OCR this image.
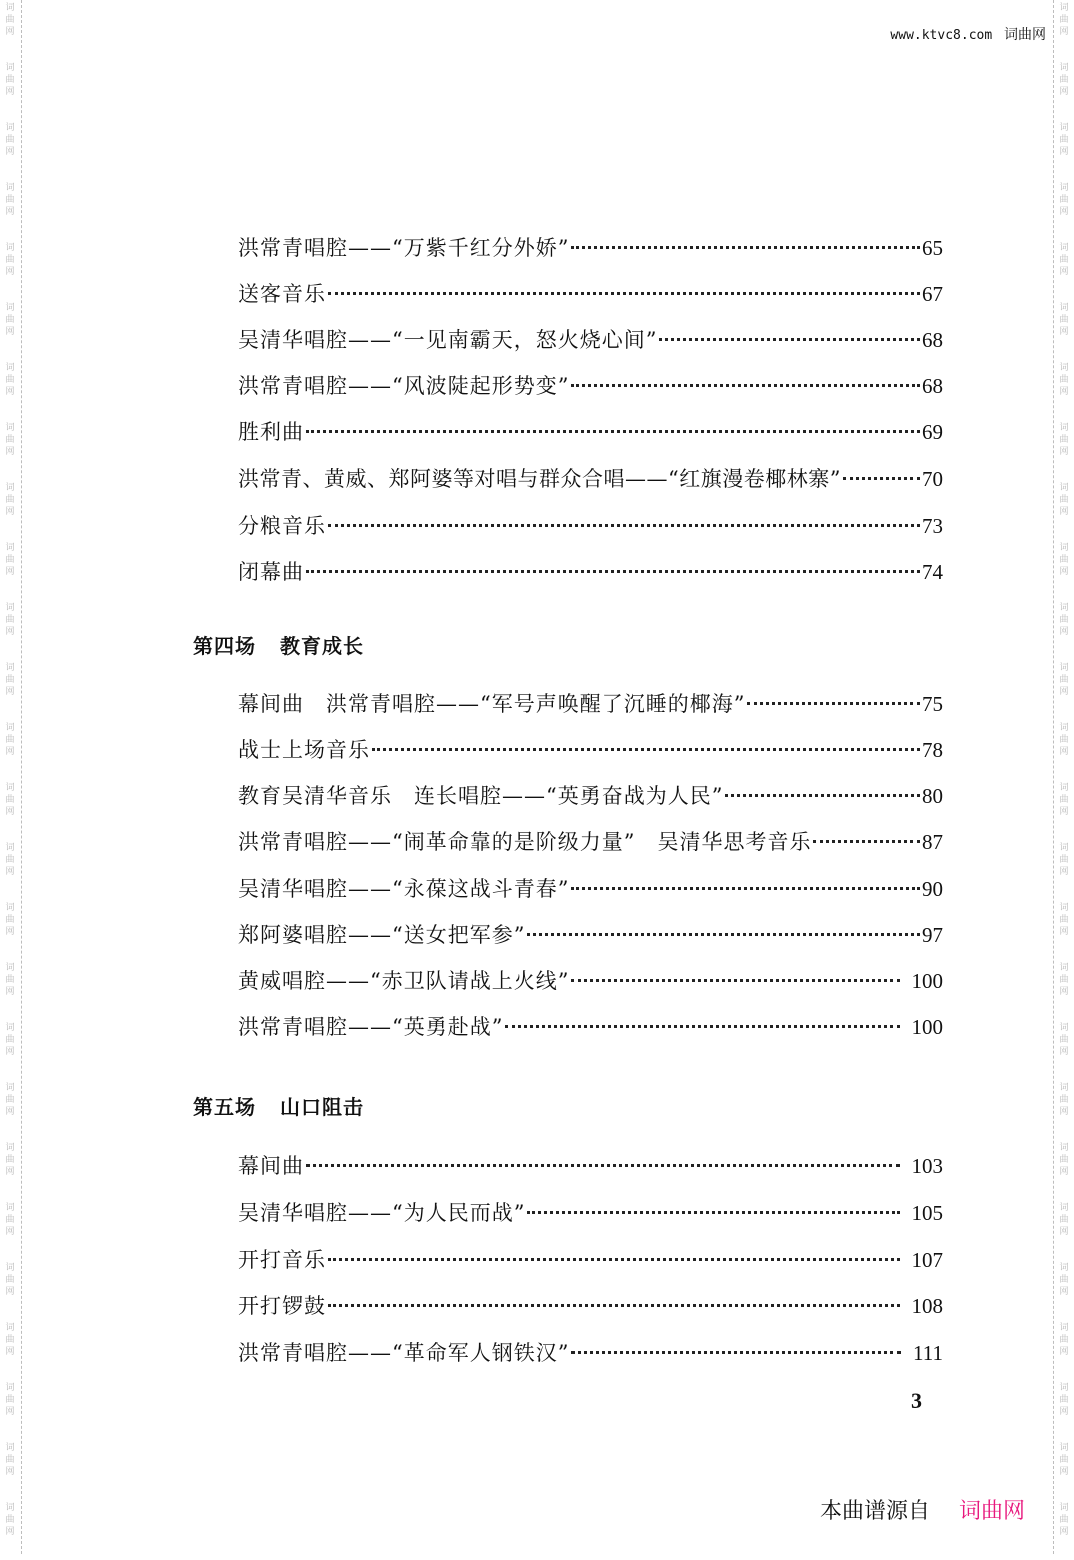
词
曲
网
词
曲
网
词
曲
网
词
曲
网
词
曲
网
词
曲
网
词
曲
网
词
曲
网
词
曲
网
词
曲
网
词
曲
网
词
曲
网
词
曲
网
词
曲
网
词
曲
网
词
曲
网
词
曲
网
词
曲
网
词
曲
网
词
曲
网
词
曲
网
词
曲
网
词
曲
网
词
曲
网
词
曲
网
词
曲
网
词
曲
网
词
曲
网
词
曲
网
词
曲
网
词
曲
网
词
曲
网
词
曲
网
词
曲
网
词
曲
网
词
曲
网
词
曲
网
词
曲
网
词
曲
网
词
曲
网
词
曲
网
词
曲
网
词
曲
网
词
曲
网
词
曲
网
词
曲
网
词
曲
网
词
曲
网
词
曲
网
词
曲
网
词
曲
网
词
曲
网
www.ktvc8.com 词曲网
洪常青唱腔——“万紫千红分外娇”	65
送客音乐	67
吴清华唱腔——“一见南霸天，怒火烧心间”	68
洪常青唱腔——“风波陡起形势变”	68
胜利曲	69
洪常青、黄威、郑阿婆等对唱与群众合唱——“红旗漫卷椰林寨”	70
分粮音乐	73
闭幕曲	74
第四场 教育成长
幕间曲　洪常青唱腔——“军号声唤醒了沉睡的椰海”	75
战士上场音乐	78
教育吴清华音乐　连长唱腔——“英勇奋战为人民”	80
洪常青唱腔——“闹革命靠的是阶级力量”　吴清华思考音乐	87
吴清华唱腔——“永葆这战斗青春”	90
郑阿婆唱腔——“送女把军参”	97
黄威唱腔——“赤卫队请战上火线”	100
洪常青唱腔——“英勇赴战”	100
第五场 山口阻击
幕间曲	103
吴清华唱腔——“为人民而战”	105
开打音乐	107
开打锣鼓	108
洪常青唱腔——“革命军人钢铁汉”	111
3
本曲谱源自 词曲网
